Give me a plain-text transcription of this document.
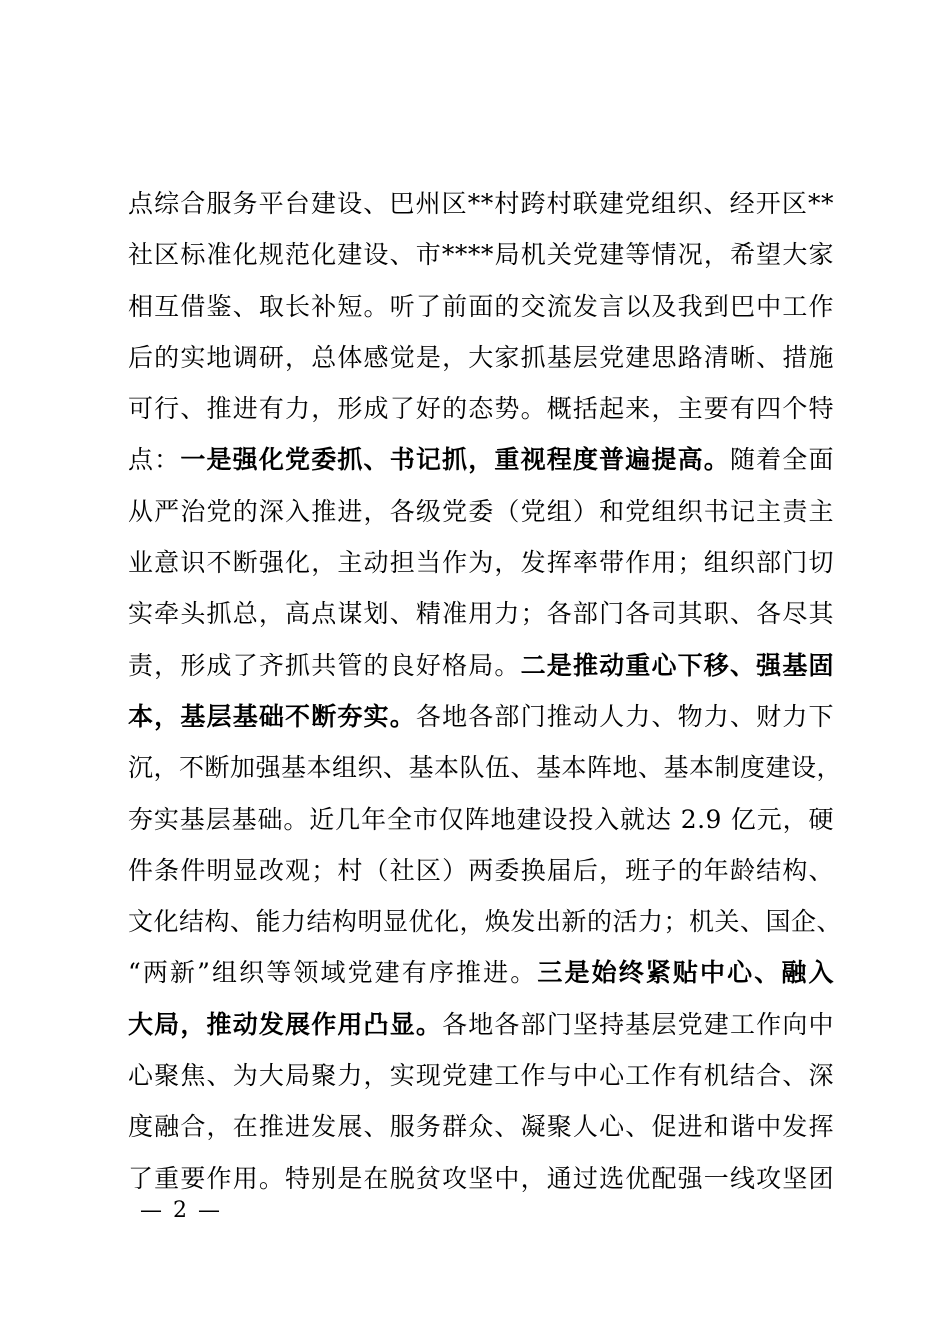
点综合服务平台建设、巴州区**村跨村联建党组织、经开区**
社区标准化规范化建设、市****局机关党建等情况，希望大家
相互借鉴、取长补短。听了前面的交流发言以及我到巴中工作
后的实地调研，总体感觉是，大家抓基层党建思路清晰、措施
可行、推进有力，形成了好的态势。概括起来，主要有四个特
点：一是强化党委抓、书记抓，重视程度普遍提高。随着全面
从严治党的深入推进，各级党委（党组）和党组织书记主责主
业意识不断强化，主动担当作为，发挥率带作用；组织部门切
实牵头抓总，高点谋划、精准用力；各部门各司其职、各尽其
责，形成了齐抓共管的良好格局。二是推动重心下移、强基固
本，基层基础不断夯实。各地各部门推动人力、物力、财力下
沉，不断加强基本组织、基本队伍、基本阵地、基本制度建设，
夯实基层基础。近几年全市仅阵地建设投入就达 2.9 亿元，硬
件条件明显改观；村（社区）两委换届后，班子的年龄结构、
文化结构、能力结构明显优化，焕发出新的活力；机关、国企、
“两新”组织等领域党建有序推进。三是始终紧贴中心、融入
大局，推动发展作用凸显。各地各部门坚持基层党建工作向中
心聚焦、为大局聚力，实现党建工作与中心工作有机结合、深
度融合，在推进发展、服务群众、凝聚人心、促进和谐中发挥
了重要作用。特别是在脱贫攻坚中，通过选优配强一线攻坚团
— 2 —
